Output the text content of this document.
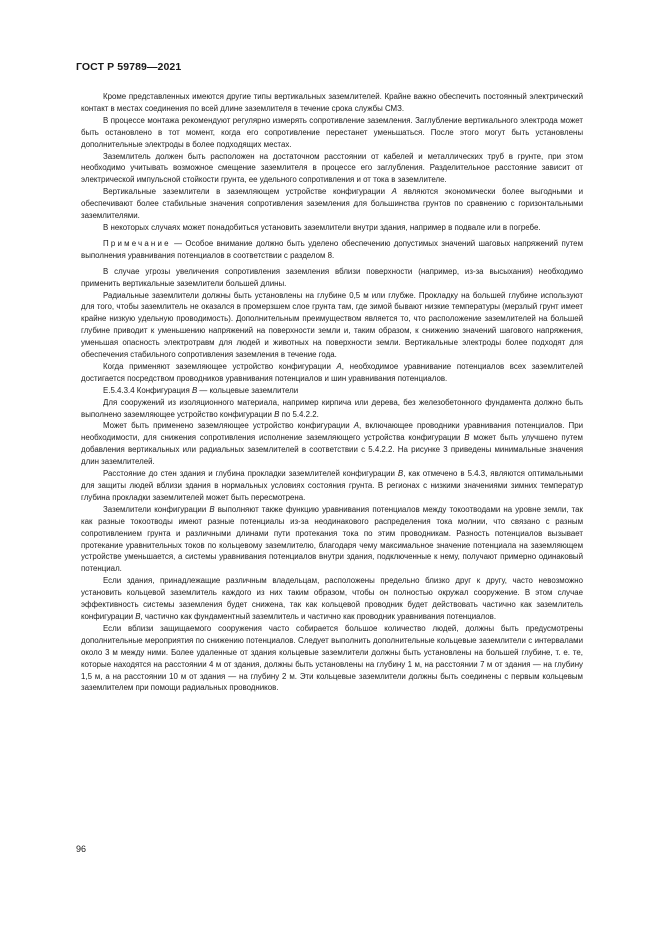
ГОСТ Р 59789—2021

Кроме представленных имеются другие типы вертикальных заземлителей. Крайне важно обеспечить постоянный электрический контакт в местах соединения по всей длине заземлителя в течение срока службы СМЗ.

В процессе монтажа рекомендуют регулярно измерять сопротивление заземления. Заглубление вертикального электрода может быть остановлено в тот момент, когда его сопротивление перестанет уменьшаться. После этого могут быть установлены дополнительные электроды в более подходящих местах.

Заземлитель должен быть расположен на достаточном расстоянии от кабелей и металлических труб в грунте, при этом необходимо учитывать возможное смещение заземлителя в процессе его заглубления. Разделительное расстояние зависит от электрической импульсной стойкости грунта, ее удельного сопротивления и от тока в заземлителе.

Вертикальные заземлители в заземляющем устройстве конфигурации A являются экономически более выгодными и обеспечивают более стабильные значения сопротивления заземления для большинства грунтов по сравнению с горизонтальными заземлителями.

В некоторых случаях может понадобиться установить заземлители внутри здания, например в подвале или в погребе.

Примечание — Особое внимание должно быть уделено обеспечению допустимых значений шаговых напряжений путем выполнения уравнивания потенциалов в соответствии с разделом 8.

В случае угрозы увеличения сопротивления заземления вблизи поверхности (например, из-за высыхания) необходимо применить вертикальные заземлители большей длины.

Радиальные заземлители должны быть установлены на глубине 0,5 м или глубже. Прокладку на большей глубине используют для того, чтобы заземлитель не оказался в промерзшем слое грунта там, где зимой бывают низкие температуры (мерзлый грунт имеет крайне низкую удельную проводимость). Дополнительным преимуществом является то, что расположение заземлителей на большей глубине приводит к уменьшению напряжений на поверхности земли и, таким образом, к снижению значений шагового напряжения, уменьшая опасность электротравм для людей и животных на поверхности земли. Вертикальные электроды более подходят для обеспечения стабильного сопротивления заземления в течение года.

Когда применяют заземляющее устройство конфигурации A, необходимое уравнивание потенциалов всех заземлителей достигается посредством проводников уравнивания потенциалов и шин уравнивания потенциалов.

Е.5.4.3.4 Конфигурация B — кольцевые заземлители

Для сооружений из изоляционного материала, например кирпича или дерева, без железобетонного фундамента должно быть выполнено заземляющее устройство конфигурации B по 5.4.2.2.

Может быть применено заземляющее устройство конфигурации A, включающее проводники уравнивания потенциалов. При необходимости, для снижения сопротивления исполнение заземляющего устройства конфигурации B может быть улучшено путем добавления вертикальных или радиальных заземлителей в соответствии с 5.4.2.2. На рисунке 3 приведены минимальные значения длин заземлителей.

Расстояние до стен здания и глубина прокладки заземлителей конфигурации B, как отмечено в 5.4.3, являются оптимальными для защиты людей вблизи здания в нормальных условиях состояния грунта. В регионах с низкими значениями зимних температур глубина прокладки заземлителей может быть пересмотрена.

Заземлители конфигурации B выполняют также функцию уравнивания потенциалов между токоотводами на уровне земли, так как разные токоотводы имеют разные потенциалы из-за неодинакового распределения тока молнии, что связано с разным сопротивлением грунта и различными длинами пути протекания тока по этим проводникам. Разность потенциалов вызывает протекание уравнительных токов по кольцевому заземлителю, благодаря чему максимальное значение потенциала на заземляющем устройстве уменьшается, а системы уравнивания потенциалов внутри здания, подключенные к нему, получают примерно одинаковый потенциал.

Если здания, принадлежащие различным владельцам, расположены предельно близко друг к другу, часто невозможно установить кольцевой заземлитель каждого из них таким образом, чтобы он полностью окружал сооружение. В этом случае эффективность системы заземления будет снижена, так как кольцевой проводник будет действовать частично как заземлитель конфигурации B, частично как фундаментный заземлитель и частично как проводник уравнивания потенциалов.

Если вблизи защищаемого сооружения часто собирается большое количество людей, должны быть предусмотрены дополнительные мероприятия по снижению потенциалов. Следует выполнить дополнительные кольцевые заземлители с интервалами около 3 м между ними. Более удаленные от здания кольцевые заземлители должны быть установлены на большей глубине, т. е. те, которые находятся на расстоянии 4 м от здания, должны быть установлены на глубину 1 м, на расстоянии 7 м от здания — на глубину 1,5 м, а на расстоянии 10 м от здания — на глубину 2 м. Эти кольцевые заземлители должны быть соединены с первым кольцевым заземлителем при помощи радиальных проводников.

96
